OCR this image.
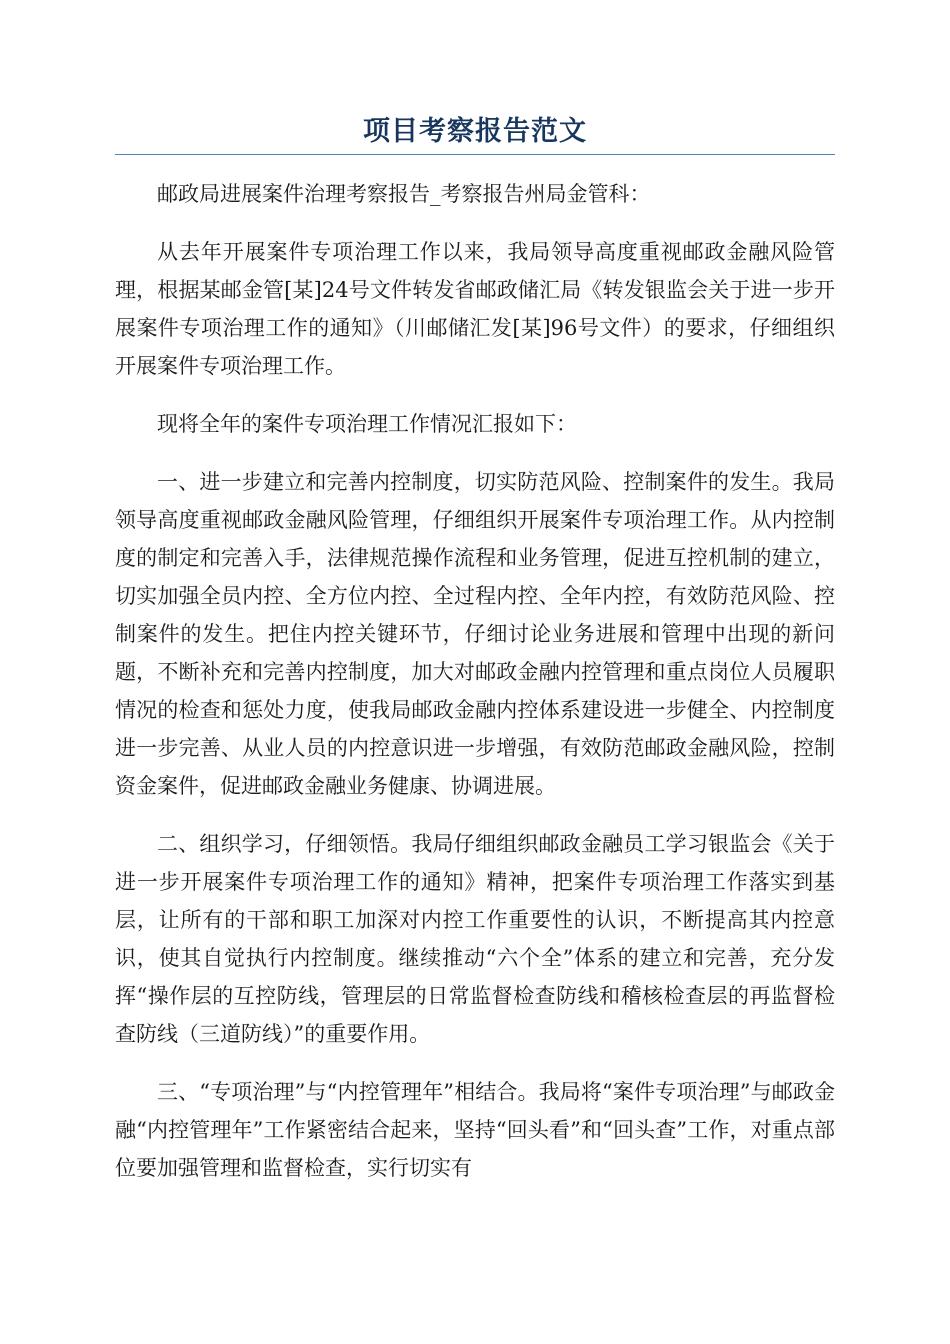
项目考察报告范文

邮政局进展案件治理考察报告_考察报告州局金管科：

从去年开展案件专项治理工作以来，我局领导高度重视邮政金融风险管理，根据某邮金管[某]24号文件转发省邮政储汇局《转发银监会关于进一步开展案件专项治理工作的通知》（川邮储汇发[某]96号文件）的要求，仔细组织开展案件专项治理工作。

现将全年的案件专项治理工作情况汇报如下：

一、进一步建立和完善内控制度，切实防范风险、控制案件的发生。我局领导高度重视邮政金融风险管理，仔细组织开展案件专项治理工作。从内控制度的制定和完善入手，法律规范操作流程和业务管理，促进互控机制的建立，切实加强全员内控、全方位内控、全过程内控、全年内控，有效防范风险、控制案件的发生。把住内控关键环节，仔细讨论业务进展和管理中出现的新问题，不断补充和完善内控制度，加大对邮政金融内控管理和重点岗位人员履职情况的检查和惩处力度，使我局邮政金融内控体系建设进一步健全、内控制度进一步完善、从业人员的内控意识进一步增强，有效防范邮政金融风险，控制资金案件，促进邮政金融业务健康、协调进展。

二、组织学习，仔细领悟。我局仔细组织邮政金融员工学习银监会《关于进一步开展案件专项治理工作的通知》精神，把案件专项治理工作落实到基层，让所有的干部和职工加深对内控工作重要性的认识，不断提高其内控意识，使其自觉执行内控制度。继续推动“六个全”体系的建立和完善，充分发挥“操作层的互控防线，管理层的日常监督检查防线和稽核检查层的再监督检查防线（三道防线）”的重要作用。

三、“专项治理”与“内控管理年”相结合。我局将“案件专项治理”与邮政金融“内控管理年”工作紧密结合起来，坚持“回头看”和“回头查”工作，对重点部位要加强管理和监督检查，实行切实有
